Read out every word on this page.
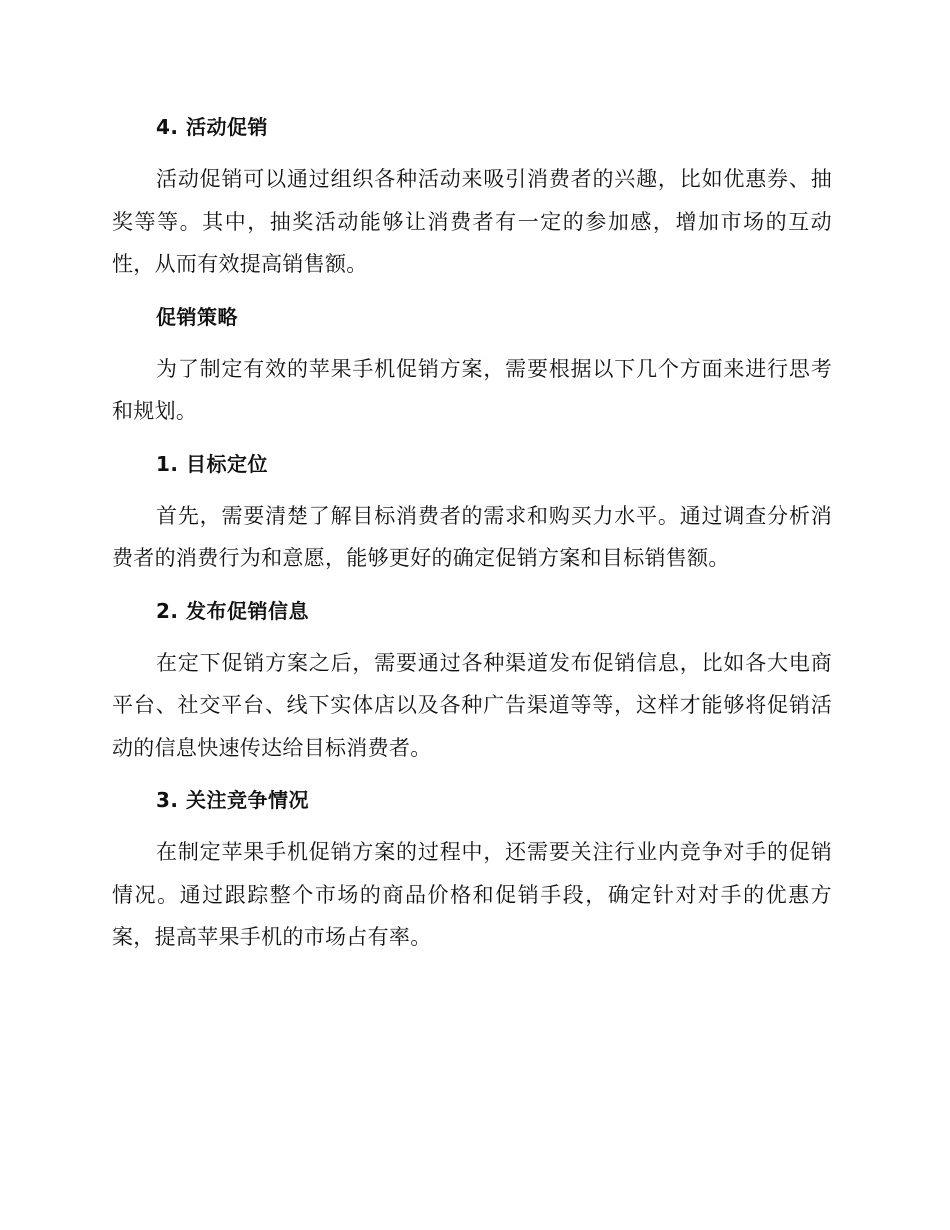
4. 活动促销
活动促销可以通过组织各种活动来吸引消费者的兴趣，比如优惠券、抽奖等等。其中，抽奖活动能够让消费者有一定的参加感，增加市场的互动性，从而有效提高销售额。
促销策略
为了制定有效的苹果手机促销方案，需要根据以下几个方面来进行思考和规划。
1. 目标定位
首先，需要清楚了解目标消费者的需求和购买力水平。通过调查分析消费者的消费行为和意愿，能够更好的确定促销方案和目标销售额。
2. 发布促销信息
在定下促销方案之后，需要通过各种渠道发布促销信息，比如各大电商平台、社交平台、线下实体店以及各种广告渠道等等，这样才能够将促销活动的信息快速传达给目标消费者。
3. 关注竞争情况
在制定苹果手机促销方案的过程中，还需要关注行业内竞争对手的促销情况。通过跟踪整个市场的商品价格和促销手段，确定针对对手的优惠方案，提高苹果手机的市场占有率。
